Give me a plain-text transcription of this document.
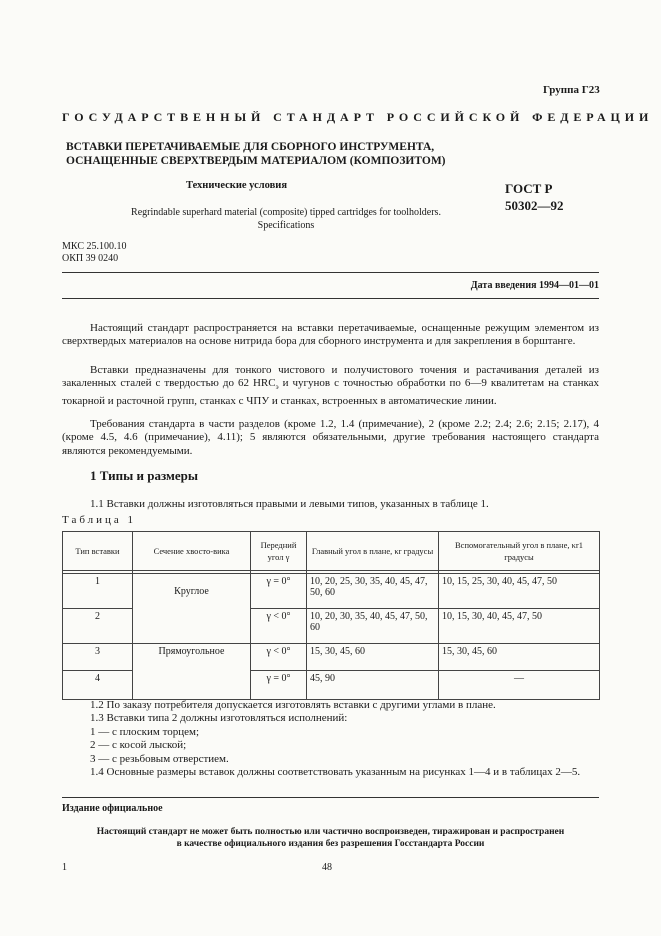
Группа Г23
ГОСУДАРСТВЕННЫЙ СТАНДАРТ РОССИЙСКОЙ ФЕДЕРАЦИИ
ВСТАВКИ ПЕРЕТАЧИВАЕМЫЕ ДЛЯ СБОРНОГО ИНСТРУМЕНТА,
ОСНАЩЕННЫЕ СВЕРХТВЕРДЫМ МАТЕРИАЛОМ (КОМПОЗИТОМ)
Технические условия	ГОСТ Р
50302—92
Regrindable superhard material (composite) tipped cartridges for toolholders.
Specifications
МКС 25.100.10
ОКП 39 0240
Дата введения 1994—01—01
Настоящий стандарт распространяется на вставки перетачиваемые, оснащенные режущим элементом из сверхтвердых материалов на основе нитрида бора для сборного инструмента и для закрепления в борштанге.
Вставки предназначены для тонкого чистового и получистового точения и растачивания деталей из закаленных сталей с твердостью до 62 $HRC_э$ и чугунов с точностью обработки по 6—9 квалитетам на станках токарной и расточной групп, станках с ЧПУ и станках, встроенных в автоматические линии.
Требования стандарта в части разделов (кроме 1.2, 1.4 (примечание), 2 (кроме 2.2; 2.4; 2.6; 2.15; 2.17), 4 (кроме 4.5, 4.6 (примечание), 4.11); 5 являются обязательными, другие требования настоящего стандарта являются рекомендуемыми.
1 Типы и размеры
1.1 Вставки должны изготовляться правыми и левыми типов, указанных в таблице 1.
Таблица 1
Тип вставки	Сечение хвосто-вика	Передний угол γ	Главный угол в плане, κr градусы	Вспомогательный угол в плане, κr1 градусы

1	Круглое	γ = 0°	10, 20, 25, 30, 35, 40, 45, 47, 50, 60	10, 15, 25, 30, 40, 45, 47, 50
2		γ < 0°	10, 20, 30, 35, 40, 45, 47, 50, 60	10, 15, 30, 40, 45, 47, 50
3	Прямоугольное	γ < 0°	15, 30, 45, 60	15, 30, 45, 60
4		γ = 0°	45, 90	—
1.2 По заказу потребителя допускается изготовлять вставки с другими углами в плане.
1.3 Вставки типа 2 должны изготовляться исполнений:
1 — с плоским торцем;
2 — с косой лыской;
3 — с резьбовым отверстием.
1.4 Основные размеры вставок должны соответствовать указанным на рисунках 1—4 и в таблицах 2—5.
Издание официальное
Настоящий стандарт не может быть полностью или частично воспроизведен, тиражирован и распространен
в качестве официального издания без разрешения Госстандарта России
1	48
